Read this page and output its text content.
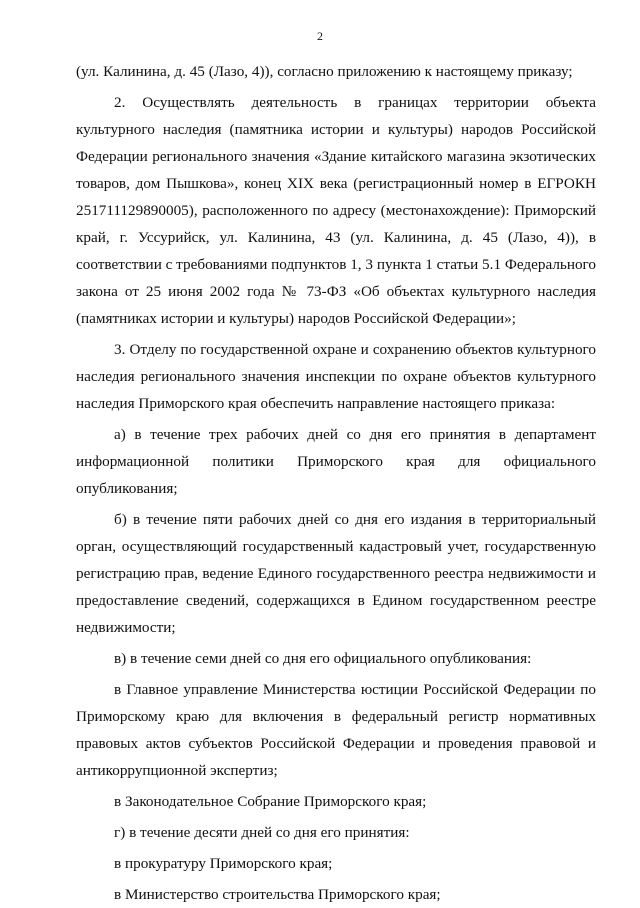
2

(ул. Калинина, д. 45 (Лазо, 4)), согласно приложению к настоящему приказу;

2. Осуществлять деятельность в границах территории объекта культурного наследия (памятника истории и культуры) народов Российской Федерации регионального значения «Здание китайского магазина экзотических товаров, дом Пышкова», конец XIX века (регистрационный номер в ЕГРОКН 251711129890005), расположенного по адресу (местонахождение): Приморский край, г. Уссурийск, ул. Калинина, 43 (ул. Калинина, д. 45 (Лазо, 4)), в соответствии с требованиями подпунктов 1, 3 пункта 1 статьи 5.1 Федерального закона от 25 июня 2002 года № 73-ФЗ «Об объектах культурного наследия (памятниках истории и культуры) народов Российской Федерации»;

3. Отделу по государственной охране и сохранению объектов культурного наследия регионального значения инспекции по охране объектов культурного наследия Приморского края обеспечить направление настоящего приказа:

а) в течение трех рабочих дней со дня его принятия в департамент информационной политики Приморского края для официального опубликования;

б) в течение пяти рабочих дней со дня его издания в территориальный орган, осуществляющий государственный кадастровый учет, государственную регистрацию прав, ведение Единого государственного реестра недвижимости и предоставление сведений, содержащихся в Едином государственном реестре недвижимости;

в) в течение семи дней со дня его официального опубликования:

в Главное управление Министерства юстиции Российской Федерации по Приморскому краю для включения в федеральный регистр нормативных правовых актов субъектов Российской Федерации и проведения правовой и антикоррупционной экспертиз;

в Законодательное Собрание Приморского края;

г) в течение десяти дней со дня его принятия:

в прокуратуру Приморского края;

в Министерство строительства Приморского края;
